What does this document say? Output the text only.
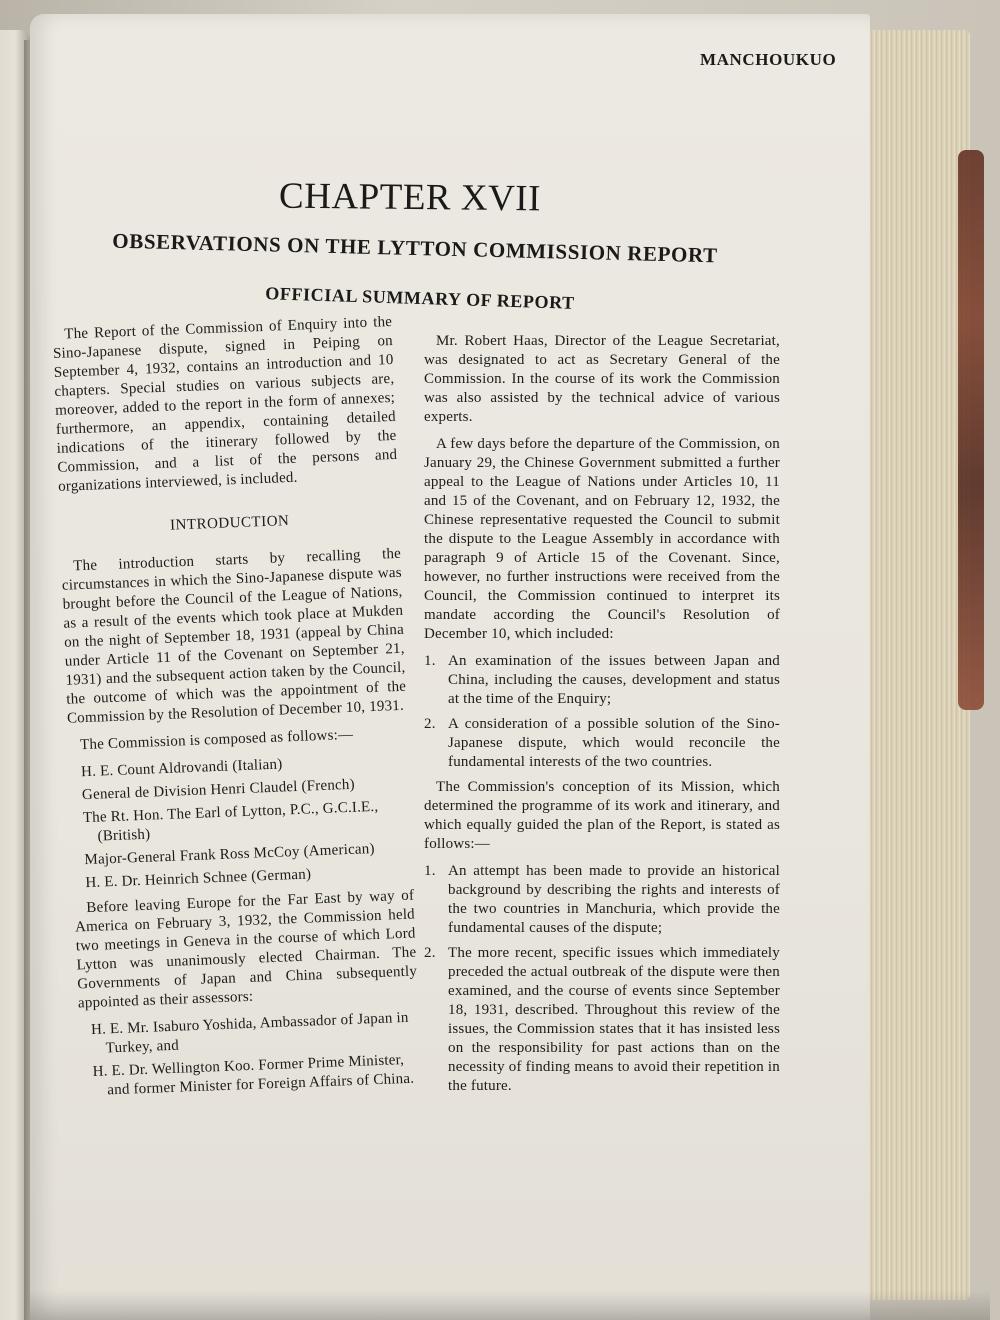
MANCHOUKUO
CHAPTER XVII
OBSERVATIONS ON THE LYTTON COMMISSION REPORT
OFFICIAL SUMMARY OF REPORT

The Report of the Commission of Enquiry into the Sino-Japanese dispute, signed in Peiping on September 4, 1932, contains an introduction and 10 chapters. Special studies on various subjects are, moreover, added to the report in the form of annexes; furthermore, an appendix, containing detailed indications of the itinerary followed by the Commission, and a list of the persons and organizations interviewed, is included.

INTRODUCTION

The introduction starts by recalling the circumstances in which the Sino-Japanese dispute was brought before the Council of the League of Nations, as a result of the events which took place at Mukden on the night of September 18, 1931 (appeal by China under Article 11 of the Covenant on September 21, 1931) and the subsequent action taken by the Council, the outcome of which was the appointment of the Commission by the Resolution of December 10, 1931.

The Commission is composed as follows:—

H. E. Count Aldrovandi (Italian)
General de Division Henri Claudel (French)
The Rt. Hon. The Earl of Lytton, P.C., G.C.I.E., (British)
Major-General Frank Ross McCoy (American)
H. E. Dr. Heinrich Schnee (German)

Before leaving Europe for the Far East by way of America on February 3, 1932, the Commission held two meetings in Geneva in the course of which Lord Lytton was unanimously elected Chairman. The Governments of Japan and China subsequently appointed as their assessors:

H. E. Mr. Isaburo Yoshida, Ambassador of Japan in Turkey, and
H. E. Dr. Wellington Koo. Former Prime Minister, and former Minister for Foreign Affairs of China.

Mr. Robert Haas, Director of the League Secretariat, was designated to act as Secretary General of the Commission. In the course of its work the Commission was also assisted by the technical advice of various experts.

A few days before the departure of the Commission, on January 29, the Chinese Government submitted a further appeal to the League of Nations under Articles 10, 11 and 15 of the Covenant, and on February 12, 1932, the Chinese representative requested the Council to submit the dispute to the League Assembly in accordance with paragraph 9 of Article 15 of the Covenant. Since, however, no further instructions were received from the Council, the Commission continued to interpret its mandate according the Council's Resolution of December 10, which included:

1. An examination of the issues between Japan and China, including the causes, development and status at the time of the Enquiry;
2. A consideration of a possible solution of the Sino-Japanese dispute, which would reconcile the fundamental interests of the two countries.

The Commission's conception of its Mission, which determined the programme of its work and itinerary, and which equally guided the plan of the Report, is stated as follows:—

1. An attempt has been made to provide an historical background by describing the rights and interests of the two countries in Manchuria, which provide the fundamental causes of the dispute;
2. The more recent, specific issues which immediately preceded the actual outbreak of the dispute were then examined, and the course of events since September 18, 1931, described. Throughout this review of the issues, the Commission states that it has insisted less on the responsibility for past actions than on the necessity of finding means to avoid their repetition in the future.
